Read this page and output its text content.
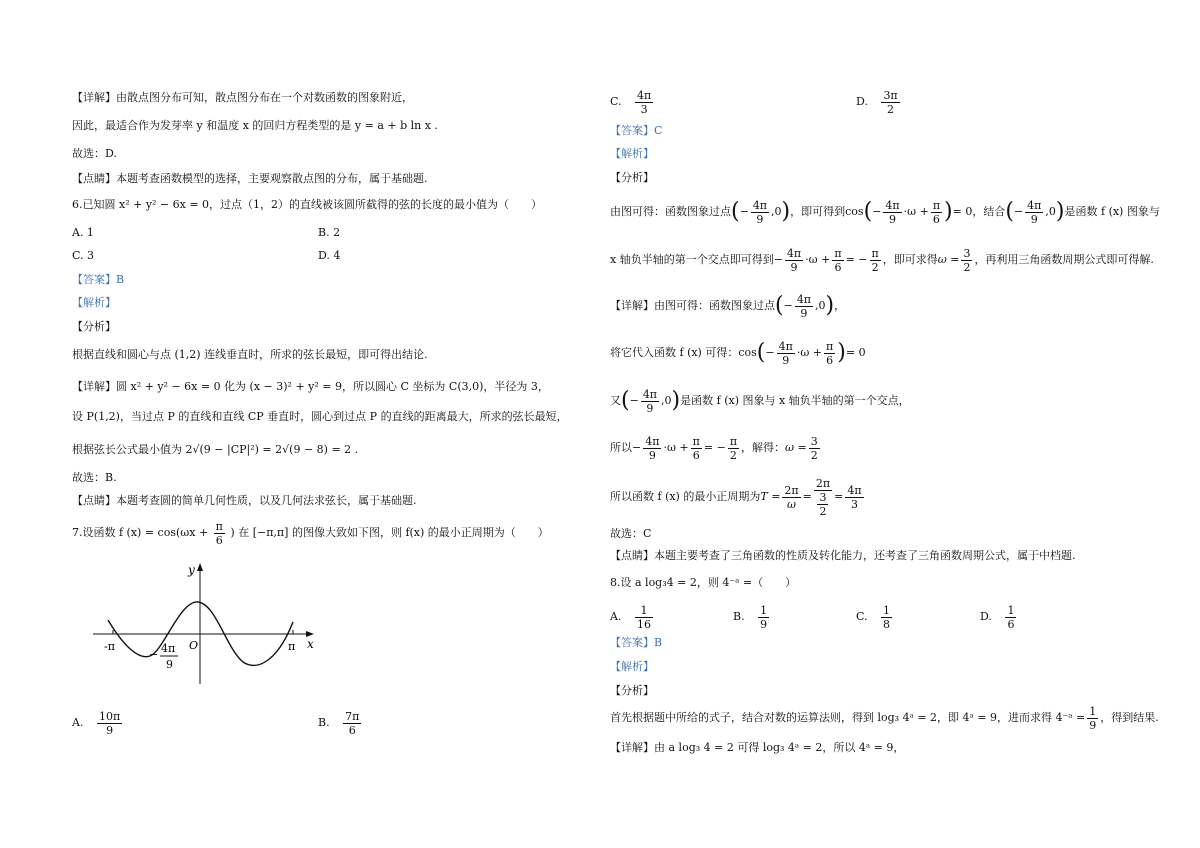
【详解】由散点图分布可知，散点图分布在一个对数函数的图象附近，
因此，最适合作为发芽率 y 和温度 x 的回归方程类型的是 y = a + b ln x .
故选：D.
【点睛】本题考查函数模型的选择，主要观察散点图的分布，属于基础题.
6.已知圆 x² + y² − 6x = 0，过点（1，2）的直线被该圆所截得的弦的长度的最小值为（　　）
A. 1	B. 2
C. 3	D. 4
【答案】B
【解析】
【分析】
根据直线和圆心与点 (1,2) 连线垂直时，所求的弦长最短，即可得出结论.
【详解】圆 x² + y² − 6x = 0 化为 (x − 3)² + y² = 9，所以圆心 C 坐标为 C(3,0)，半径为 3，
设 P(1,2)，当过点 P 的直线和直线 CP 垂直时，圆心到过点 P 的直线的距离最大，所求的弦长最短，
根据弦长公式最小值为 2√(9 − |CP|²) = 2√(9 − 8) = 2 .
故选：B.
【点睛】本题考查圆的简单几何性质，以及几何法求弦长，属于基础题.
7.设函数 f $(x) = \cos(\omega x + \frac{\pi}{6}$ ) 在 [−π,π] 的图像大致如下图，则 f(x) 的最小正周期为（　　）
y
x
O
-π	π
− 4π
9
A. $\frac{10\pi}{9}$	B. $\frac{7\pi}{6}$
C. $\frac{4\pi}{3}$	D. $\frac{3\pi}{2}$
【答案】C
【解析】
【分析】
由图可得：函数图象过点(− $\frac{4\pi}{9} ,0$)，即可得到$\cos(- \frac{4\pi}{9} \cdot\omega + \frac{\pi}{6}$ )= 0，结合(− $\frac{4\pi}{9} ,0$)是函数 f (x) 图象与
x 轴负半轴的第一个交点即可得到− $\frac{4\pi}{9} \cdot\omega + \frac{\pi}{6}$ = − $\frac{\pi}{2}$ ，即可求得$\omega = \frac{3}{2}$ ，再利用三角函数周期公式即可得解.
【详解】由图可得：函数图象过点(− $\frac{4\pi}{9} ,0$)，
将它代入函数 f (x) 可得：$\cos(- \frac{4\pi}{9} \cdot\omega + \frac{\pi}{6}$ )= 0
又(− $\frac{4\pi}{9} ,0$)是函数 f (x) 图象与 x 轴负半轴的第一个交点，
所以− $\frac{4\pi}{9} \cdot\omega + \frac{\pi}{6}$ = − $\frac{\pi}{2}$ ，解得：$\omega = \frac{3}{2}$
所以函数 f (x) 的最小正周期为$T = \frac{2\pi}{\omega} = \frac{2\pi}{\frac{3}{2}} = \frac{4\pi}{3}$
故选：C
【点睛】本题主要考查了三角函数的性质及转化能力，还考查了三角函数周期公式，属于中档题.
8.设 a log₃4 = 2，则 4⁻ᵃ =（　　）
A. $\frac{1}{16}$	B. $\frac{1}{9}$	C. $\frac{1}{8}$	D. $\frac{1}{6}$
【答案】B
【解析】
【分析】
首先根据题中所给的式子，结合对数的运算法则，得到 log₃ 4ᵃ = 2，即 4ᵃ = 9，进而求得 4⁻ᵃ = $\frac{1}{9}$ ，得到结果.
【详解】由 a log₃ 4 = 2 可得 log₃ 4ᵃ = 2，所以 4ᵃ = 9，
